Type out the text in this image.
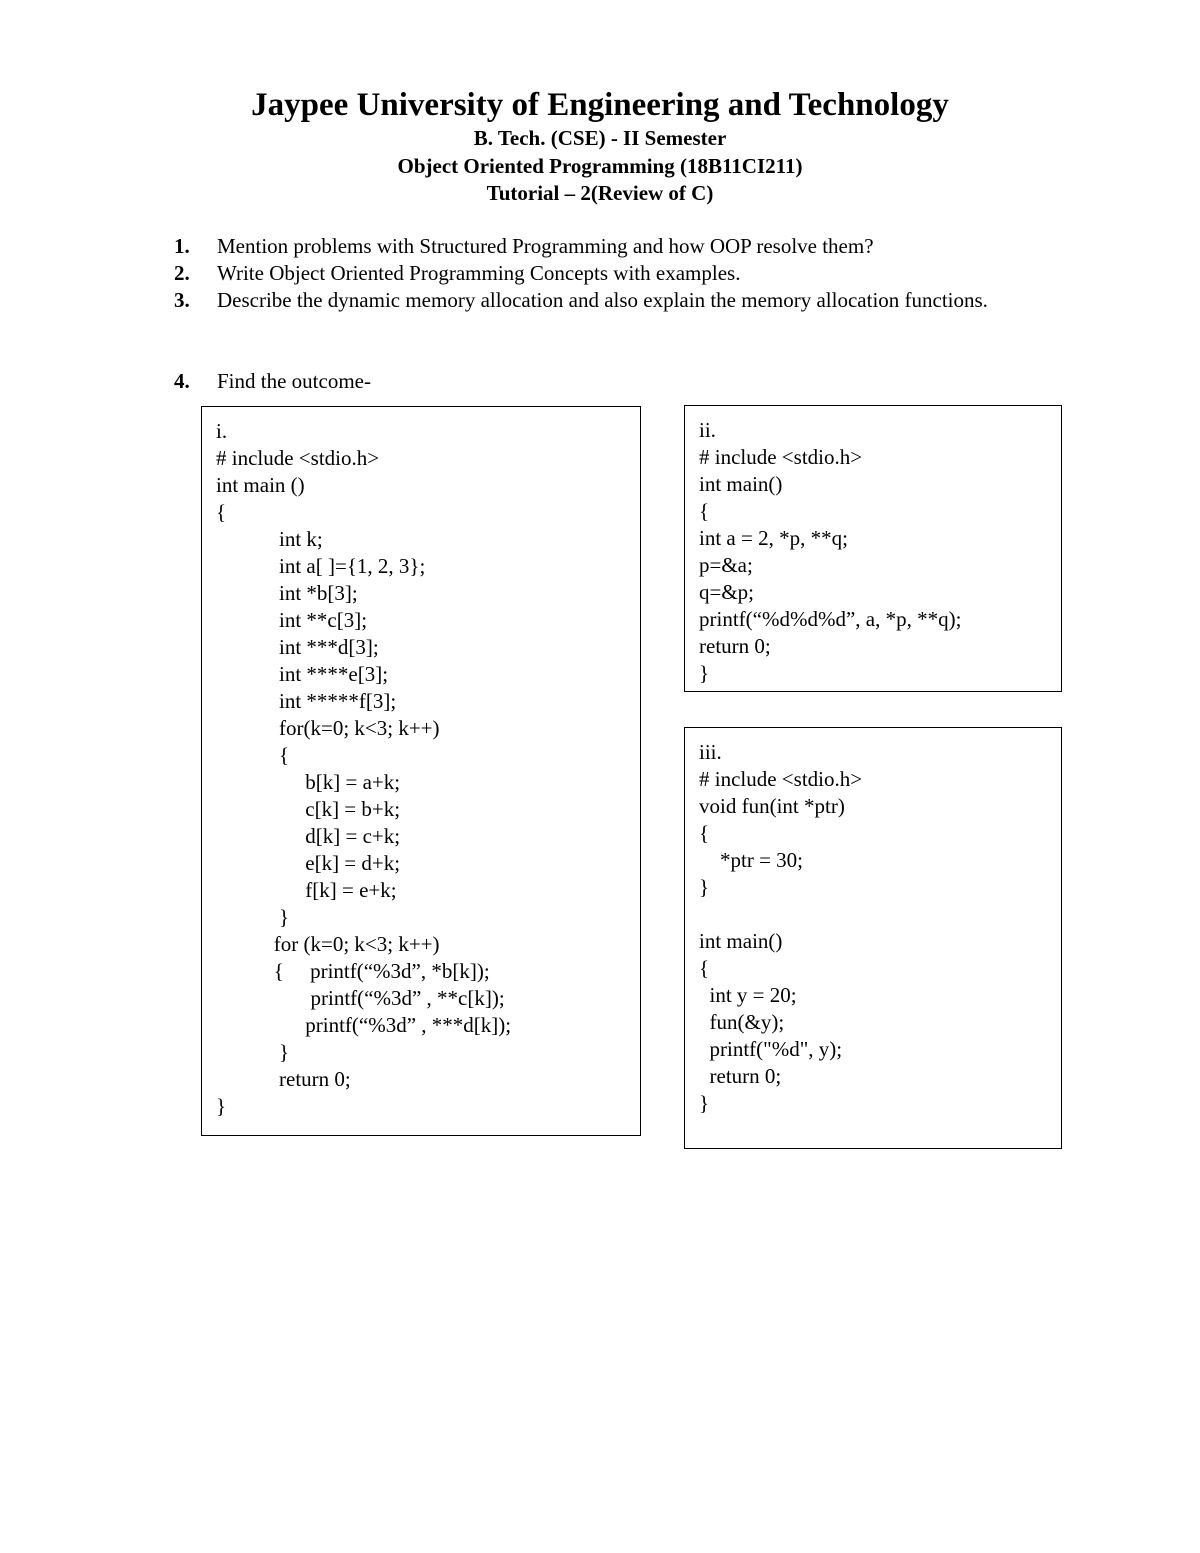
Jaypee University of Engineering and Technology
B. Tech. (CSE) - II Semester
Object Oriented Programming (18B11CI211)
Tutorial – 2(Review of C)
1. Mention problems with Structured Programming and how OOP resolve them?
2. Write Object Oriented Programming Concepts with examples.
3. Describe the dynamic memory allocation and also explain the memory allocation functions.
4. Find the outcome-
i.
# include <stdio.h>
int main ()
{
int k;
int a[ ]={1, 2, 3};
int *b[3];
int **c[3];
int ***d[3];
int ****e[3];
int *****f[3];
for(k=0; k<3; k++)
{
b[k] = a+k;
c[k] = b+k;
d[k] = c+k;
e[k] = d+k;
f[k] = e+k;
}
for (k=0; k<3; k++)
{     printf(“%3d”, *b[k]);
printf(“%3d” , **c[k]);
printf(“%3d” , ***d[k]);
}
return 0;
}
ii.
# include <stdio.h>
int main()
{
int a = 2, *p, **q;
p=&a;
q=&p;
printf(“%d%d%d”, a, *p, **q);
return 0;
}
iii.
# include <stdio.h>
void fun(int *ptr)
{
*ptr = 30;
}
int main()
{
int y = 20;
fun(&y);
printf("%d", y);
return 0;
}
